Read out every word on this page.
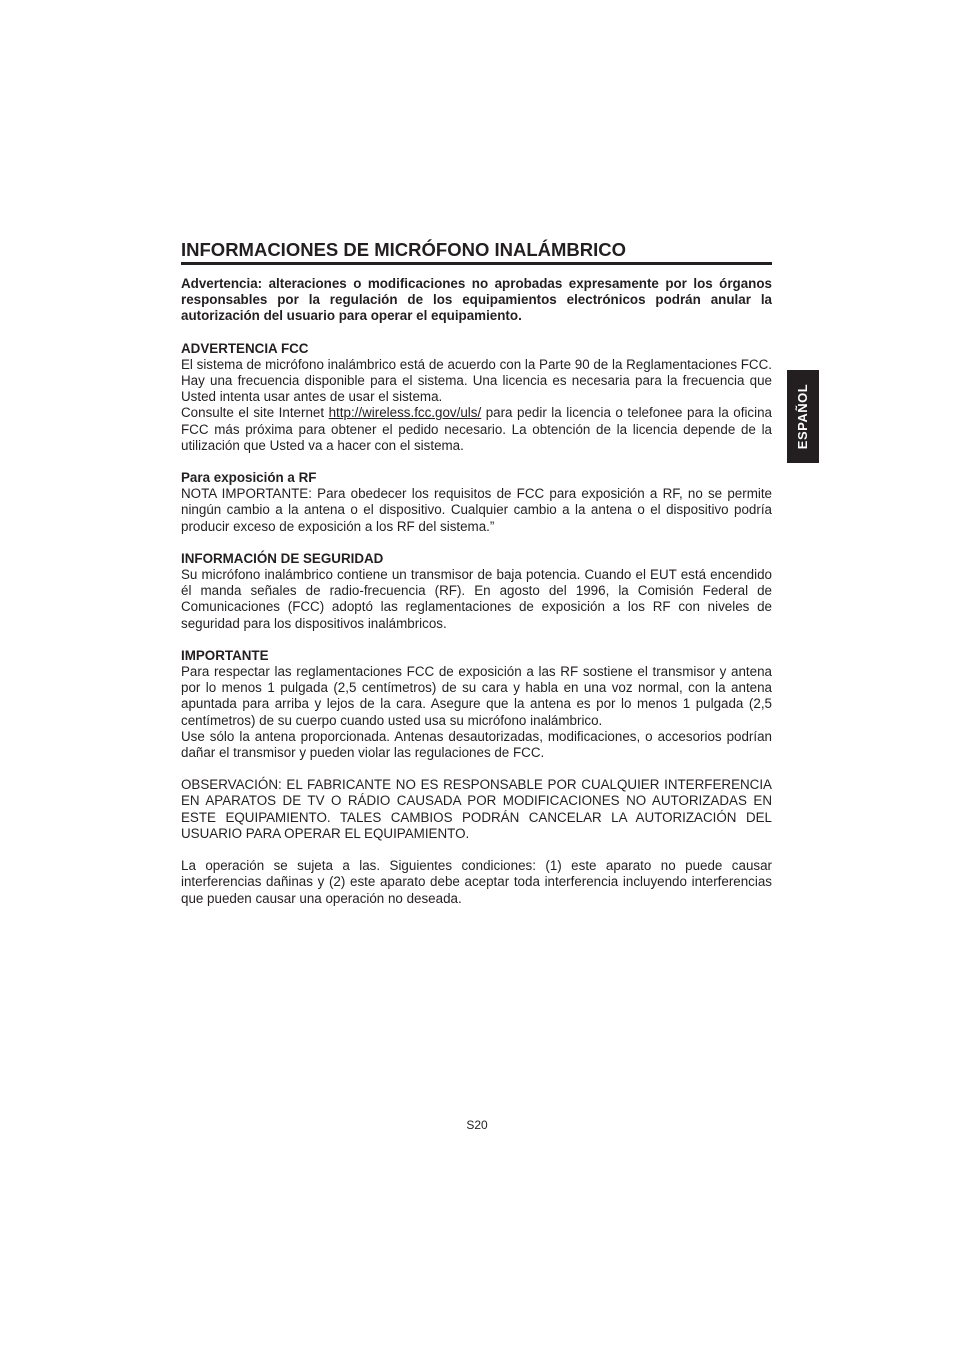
INFORMACIONES DE MICRÓFONO INALÁMBRICO
Advertencia: alteraciones o modificaciones no aprobadas expresamente por los órganos responsables por la regulación de los equipamientos electrónicos podrán anular la autorización del usuario para operar el equipamiento.
ADVERTENCIA FCC
El sistema de micrófono inalámbrico está de acuerdo con la Parte 90 de la Reglamentaciones FCC. Hay una frecuencia disponible para el sistema. Una licencia es necesaria para la frecuencia que Usted intenta usar antes de usar el sistema.
Consulte el site Internet http://wireless.fcc.gov/uls/ para pedir la licencia o telefonee para la oficina FCC más próxima para obtener el pedido necesario. La obtención de la licencia depende de la utilización que Usted va a hacer con el sistema.
Para exposición a RF
NOTA IMPORTANTE: Para obedecer los requisitos de FCC para exposición a RF, no se permite ningún cambio a la antena o el dispositivo. Cualquier cambio a la antena o el dispositivo podría producir exceso de exposición a los RF del sistema.”
INFORMACIÓN DE SEGURIDAD
Su micrófono inalámbrico contiene un transmisor de baja potencia. Cuando el EUT está encendido él manda señales de radio-frecuencia (RF). En agosto del 1996, la Comisión Federal de Comunicaciones (FCC) adoptó las reglamentaciones de exposición a los RF con niveles de seguridad para los dispositivos inalámbricos.
IMPORTANTE
Para respectar las reglamentaciones FCC de exposición a las RF sostiene el transmisor y antena por lo menos 1 pulgada (2,5 centímetros) de su cara y habla en una voz normal, con la antena apuntada para arriba y lejos de la cara. Asegure que la antena es por lo menos 1 pulgada (2,5 centímetros) de su cuerpo cuando usted usa su micrófono inalámbrico.
Use sólo la antena proporcionada. Antenas desautorizadas, modificaciones, o accesorios podrían dañar el transmisor y pueden violar las regulaciones de FCC.
OBSERVACIÓN: EL FABRICANTE NO ES RESPONSABLE POR CUALQUIER INTERFERENCIA EN APARATOS DE TV O RÁDIO CAUSADA POR MODIFICACIONES NO AUTORIZADAS EN ESTE EQUIPAMIENTO. TALES CAMBIOS PODRÁN CANCELAR LA AUTORIZACIÓN DEL USUARIO PARA OPERAR EL EQUIPAMIENTO.
La operación se sujeta a las. Siguientes condiciones: (1) este aparato no puede causar interferencias dañinas y (2) este aparato debe aceptar toda interferencia incluyendo interferencias que pueden causar una operación no deseada.
ESPAÑOL
S20
